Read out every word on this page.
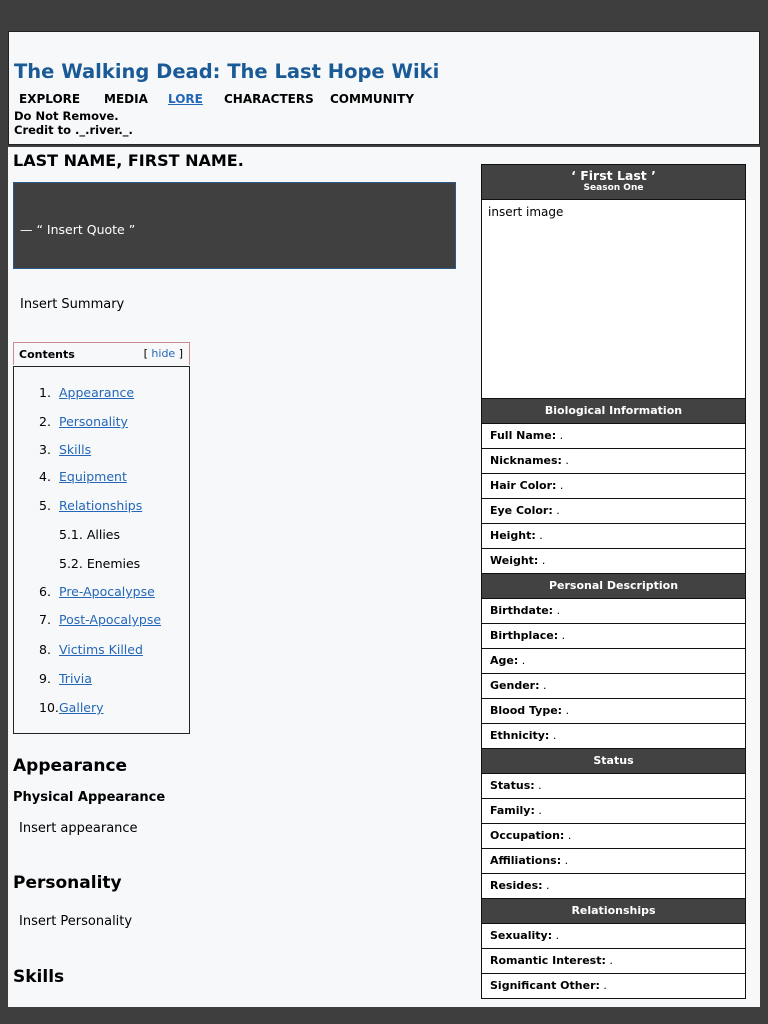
The Walking Dead: The Last Hope Wiki
EXPLORE	MEDIA	LORE	CHARACTERS	COMMUNITY
Do Not Remove.
Credit to ._.river._.
LAST NAME, FIRST NAME.
— “ Insert Quote ”
Insert Summary
Contents	[ hide ]
1. Appearance
2. Personality
3. Skills
4. Equipment
5. Relationships
5.1. Allies
5.2. Enemies
6. Pre-Apocalypse
7. Post-Apocalypse
8. Victims Killed
9. Trivia
10. Gallery
Appearance
Physical Appearance
Insert appearance
Personality
Insert Personality
Skills
‘ First Last ’
Season One
insert image
Biological Information
Full Name: .
Nicknames: .
Hair Color: .
Eye Color: .
Height: .
Weight: .
Personal Description
Birthdate: .
Birthplace: .
Age: .
Gender: .
Blood Type: .
Ethnicity: .
Status
Status: .
Family: .
Occupation: .
Affiliations: .
Resides: .
Relationships
Sexuality: .
Romantic Interest: .
Significant Other: .
